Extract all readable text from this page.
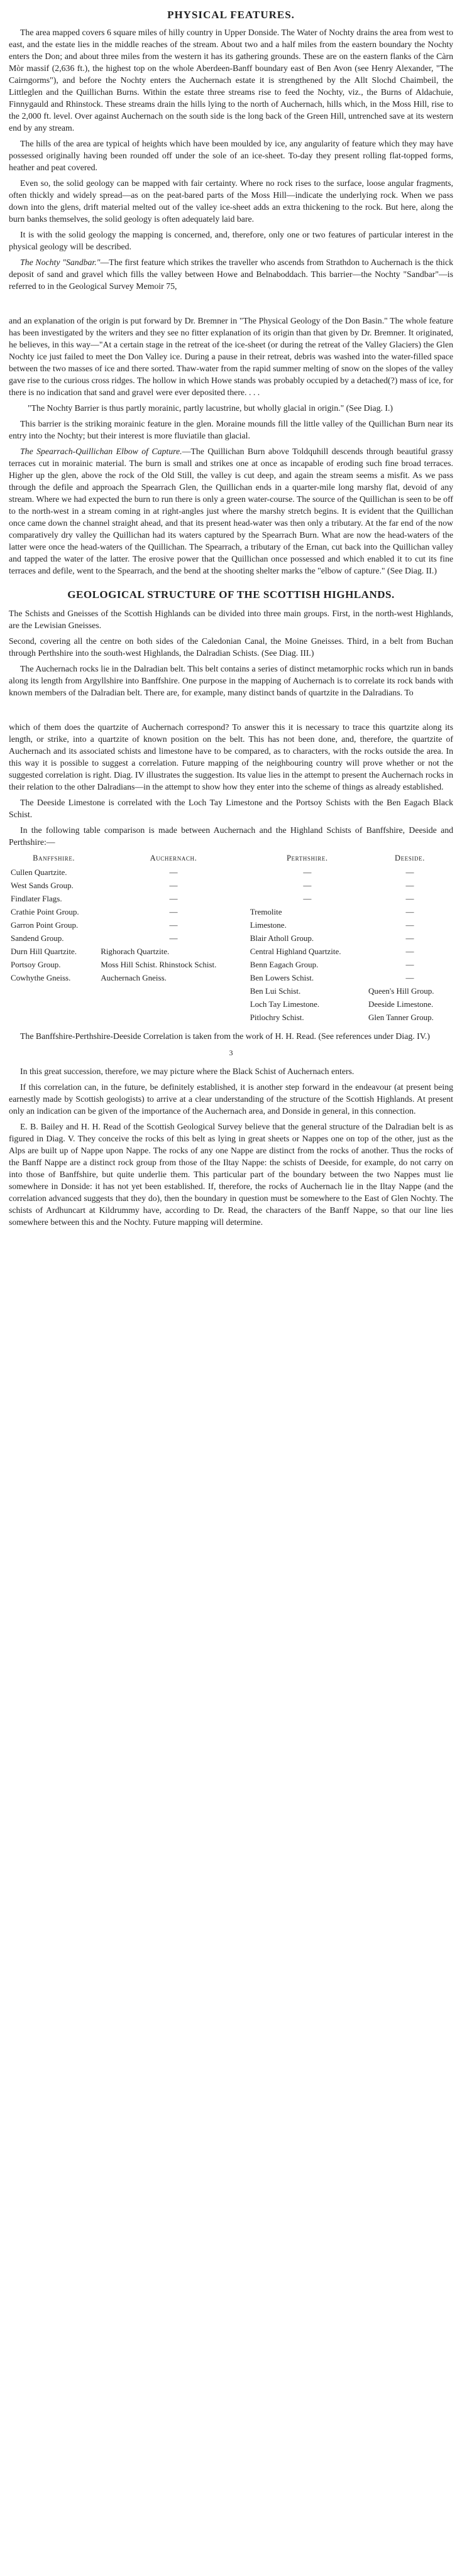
PHYSICAL FEATURES.

The area mapped covers 6 square miles of hilly country in Upper Donside. The Water of Nochty drains the area from west to east, and the estate lies in the middle reaches of the stream. About two and a half miles from the eastern boundary the Nochty enters the Don; and about three miles from the western it has its gathering grounds. These are on the eastern flanks of the Càrn Mòr massif (2,636 ft.), the highest top on the whole Aberdeen-Banff boundary east of Ben Avon (see Henry Alexander, "The Cairngorms"), and before the Nochty enters the Auchernach estate it is strengthened by the Allt Slochd Chaimbeil, the Littleglen and the Quillichan Burns. Within the estate three streams rise to feed the Nochty, viz., the Burns of Aldachuie, Finnygauld and Rhinstock. These streams drain the hills lying to the north of Auchernach, hills which, in the Moss Hill, rise to the 2,000 ft. level. Over against Auchernach on the south side is the long back of the Green Hill, untrenched save at its western end by any stream.

The hills of the area are typical of heights which have been moulded by ice, any angularity of feature which they may have possessed originally having been rounded off under the sole of an ice-sheet. To-day they present rolling flat-topped forms, heather and peat covered.

Even so, the solid geology can be mapped with fair certainty. Where no rock rises to the surface, loose angular fragments, often thickly and widely spread—as on the peat-bared parts of the Moss Hill—indicate the underlying rock. When we pass down into the glens, drift material melted out of the valley ice-sheet adds an extra thickening to the rock. But here, along the burn banks themselves, the solid geology is often adequately laid bare.

It is with the solid geology the mapping is concerned, and, therefore, only one or two features of particular interest in the physical geology will be described.

The Nochty "Sandbar."—The first feature which strikes the traveller who ascends from Strathdon to Auchernach is the thick deposit of sand and gravel which fills the valley between Howe and Belnaboddach. This barrier—the Nochty "Sandbar"—is referred to in the Geological Survey Memoir 75,

and an explanation of the origin is put forward by Dr. Bremner in "The Physical Geology of the Don Basin." The whole feature has been investigated by the writers and they see no fitter explanation of its origin than that given by Dr. Bremner. It originated, he believes, in this way—"At a certain stage in the retreat of the ice-sheet (or during the retreat of the Valley Glaciers) the Glen Nochty ice just failed to meet the Don Valley ice. During a pause in their retreat, debris was washed into the water-filled space between the two masses of ice and there sorted. Thaw-water from the rapid summer melting of snow on the slopes of the valley gave rise to the curious cross ridges. The hollow in which Howe stands was probably occupied by a detached(?) mass of ice, for there is no indication that sand and gravel were ever deposited there. . . .

"The Nochty Barrier is thus partly morainic, partly lacustrine, but wholly glacial in origin." (See Diag. I.)

This barrier is the striking morainic feature in the glen. Moraine mounds fill the little valley of the Quillichan Burn near its entry into the Nochty; but their interest is more fluviatile than glacial.

The Spearrach-Quillichan Elbow of Capture.—The Quillichan Burn above Toldquhill descends through beautiful grassy terraces cut in morainic material. The burn is small and strikes one at once as incapable of eroding such fine broad terraces. Higher up the glen, above the rock of the Old Still, the valley is cut deep, and again the stream seems a misfit. As we pass through the defile and approach the Spearrach Glen, the Quillichan ends in a quarter-mile long marshy flat, devoid of any stream. Where we had expected the burn to run there is only a green water-course. The source of the Quillichan is seen to be off to the north-west in a stream coming in at right-angles just where the marshy stretch begins. It is evident that the Quillichan once came down the channel straight ahead, and that its present head-water was then only a tributary. At the far end of the now comparatively dry valley the Quillichan had its waters captured by the Spearrach Burn. What are now the head-waters of the latter were once the head-waters of the Quillichan. The Spearrach, a tributary of the Ernan, cut back into the Quillichan valley and tapped the water of the latter. The erosive power that the Quillichan once possessed and which enabled it to cut its fine terraces and defile, went to the Spearrach, and the bend at the shooting shelter marks the "elbow of capture." (See Diag. II.)

GEOLOGICAL STRUCTURE OF THE SCOTTISH HIGHLANDS.

The Schists and Gneisses of the Scottish Highlands can be divided into three main groups. First, in the north-west Highlands, are the Lewisian Gneisses.

Second, covering all the centre on both sides of the Caledonian Canal, the Moine Gneisses. Third, in a belt from Buchan through Perthshire into the south-west Highlands, the Dalradian Schists. (See Diag. III.)

The Auchernach rocks lie in the Dalradian belt. This belt contains a series of distinct metamorphic rocks which run in bands along its length from Argyllshire into Banffshire. One purpose in the mapping of Auchernach is to correlate its rock bands with known members of the Dalradian belt. There are, for example, many distinct bands of quartzite in the Dalradians. To

which of them does the quartzite of Auchernach correspond? To answer this it is necessary to trace this quartzite along its length, or strike, into a quartzite of known position on the belt. This has not been done, and, therefore, the quartzite of Auchernach and its associated schists and limestone have to be compared, as to characters, with the rocks outside the area. In this way it is possible to suggest a correlation. Future mapping of the neighbouring country will prove whether or not the suggested correlation is right. Diag. IV illustrates the suggestion. Its value lies in the attempt to present the Auchernach rocks in their relation to the other Dalradians—in the attempt to show how they enter into the scheme of things as already established.

The Deeside Limestone is correlated with the Loch Tay Limestone and the Portsoy Schists with the Ben Eagach Black Schist.

In the following table comparison is made between Auchernach and the Highland Schists of Banffshire, Deeside and Perthshire:—

Banffshire.	Auchernach.	Perthshire.	Deeside.
Cullen Quartzite.	—	—	—
West Sands Group.	—	—	—
Findlater Flags.	—	—	—
Crathie Point Group.	—	Tremolite	—
Garron Point Group.	—	Limestone.	—
Sandend Group.	—	Blair Atholl Group.	—
Durn Hill Quartzite.	Righorach Quartzite.	Central Highland Quartzite.	—
Portsoy Group.	Moss Hill Schist. Rhinstock Schist.	Benn Eagach Group.	—
Cowhythe Gneiss.	Auchernach Gneiss.	Ben Lowers Schist.	—
		Ben Lui Schist.	Queen's Hill Group.
		Loch Tay Limestone.	Deeside Limestone.
		Pitlochry Schist.	Glen Tanner Group.

The Banffshire-Perthshire-Deeside Correlation is taken from the work of H. H. Read. (See references under Diag. IV.)

3

In this great succession, therefore, we may picture where the Black Schist of Auchernach enters.

If this correlation can, in the future, be definitely established, it is another step forward in the endeavour (at present being earnestly made by Scottish geologists) to arrive at a clear understanding of the structure of the Scottish Highlands. At present only an indication can be given of the importance of the Auchernach area, and Donside in general, in this connection.

E. B. Bailey and H. H. Read of the Scottish Geological Survey believe that the general structure of the Dalradian belt is as figured in Diag. V. They conceive the rocks of this belt as lying in great sheets or Nappes one on top of the other, just as the Alps are built up of Nappe upon Nappe. The rocks of any one Nappe are distinct from the rocks of another. Thus the rocks of the Banff Nappe are a distinct rock group from those of the Iltay Nappe: the schists of Deeside, for example, do not carry on into those of Banffshire, but quite underlie them. This particular part of the boundary between the two Nappes must lie somewhere in Donside: it has not yet been established. If, therefore, the rocks of Auchernach lie in the Iltay Nappe (and the correlation advanced suggests that they do), then the boundary in question must be somewhere to the East of Glen Nochty. The schists of Ardhuncart at Kildrummy have, according to Dr. Read, the characters of the Banff Nappe, so that our line lies somewhere between this and the Nochty. Future mapping will determine.
